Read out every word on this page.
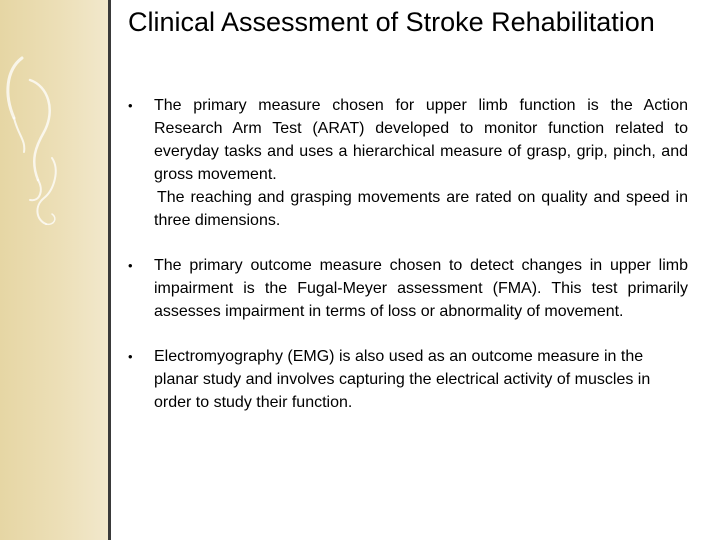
Clinical Assessment of Stroke Rehabilitation
•	The primary measure chosen for upper limb function is the Action Research Arm Test (ARAT) developed to monitor function related to everyday tasks and uses a hierarchical measure of grasp, grip, pinch, and gross movement.
The reaching and grasping movements are rated on quality and speed in three dimensions.
•	The primary outcome measure chosen to detect changes in upper limb impairment is the Fugal-Meyer assessment (FMA). This test primarily assesses impairment in terms of loss or abnormality of movement.
•	Electromyography (EMG) is also used as an outcome measure in the planar study and involves capturing the electrical activity of muscles in order to study their function.
